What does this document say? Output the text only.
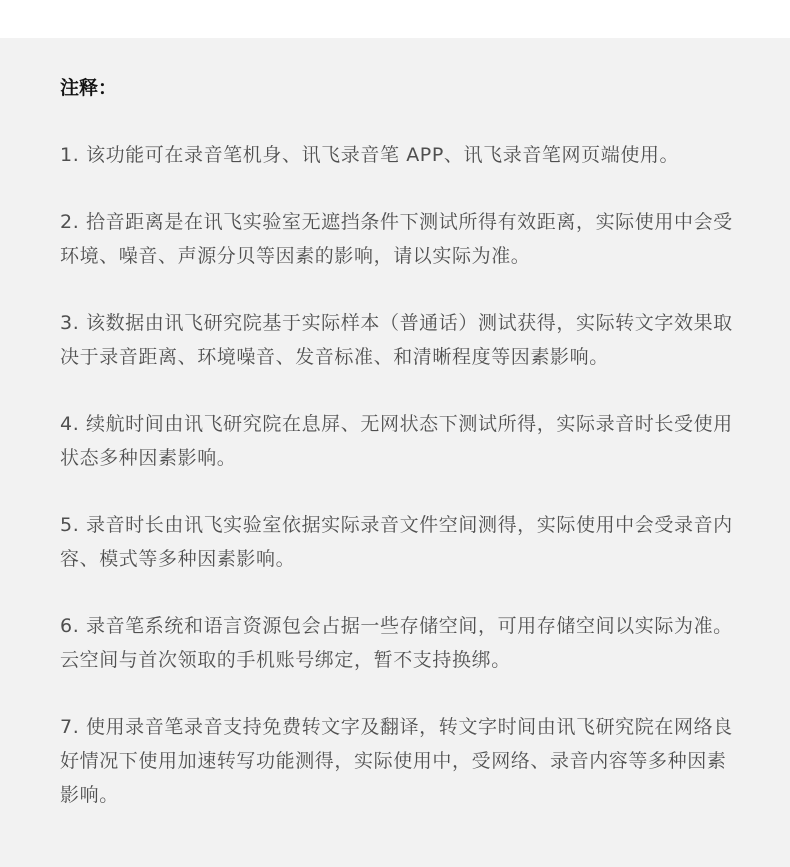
注释：
1. 该功能可在录音笔机身、讯飞录音笔 APP、讯飞录音笔网页端使用。
2. 拾音距离是在讯飞实验室无遮挡条件下测试所得有效距离，实际使用中会受环境、噪音、声源分贝等因素的影响，请以实际为准。
3. 该数据由讯飞研究院基于实际样本（普通话）测试获得，实际转文字效果取决于录音距离、环境噪音、发音标准、和清晰程度等因素影响。
4. 续航时间由讯飞研究院在息屏、无网状态下测试所得，实际录音时长受使用状态多种因素影响。
5. 录音时长由讯飞实验室依据实际录音文件空间测得，实际使用中会受录音内容、模式等多种因素影响。
6. 录音笔系统和语言资源包会占据一些存储空间，可用存储空间以实际为准。云空间与首次领取的手机账号绑定，暂不支持换绑。
7. 使用录音笔录音支持免费转文字及翻译，转文字时间由讯飞研究院在网络良好情况下使用加速转写功能测得，实际使用中，受网络、录音内容等多种因素影响。
